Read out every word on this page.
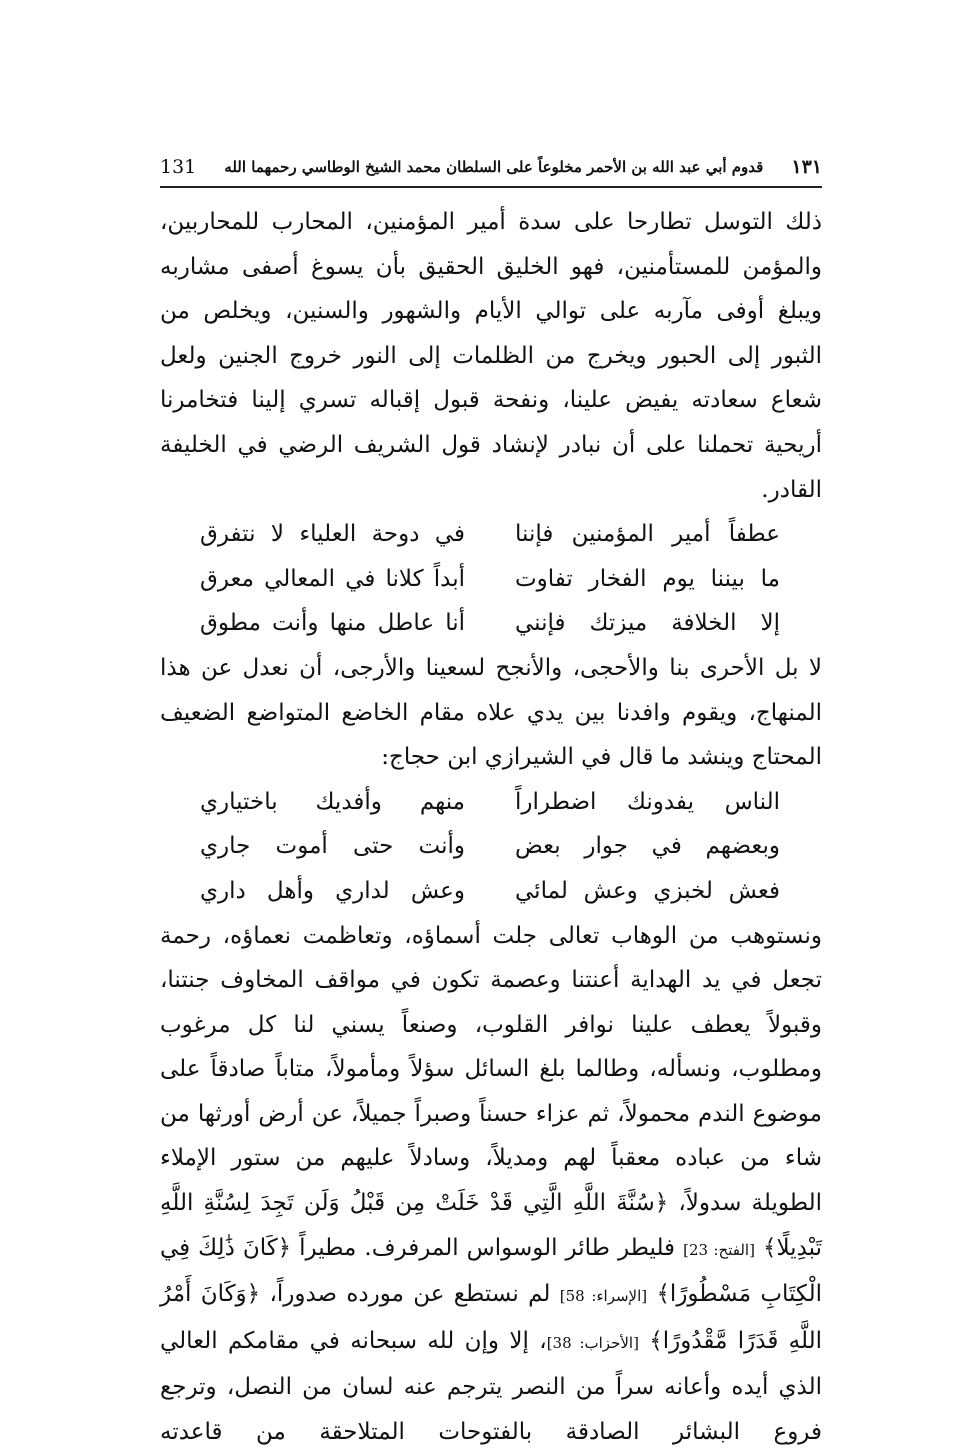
131 قدوم أبي عبد الله بن الأحمر مخلوعاً على السلطان محمد الشيخ الوطاسي رحمهما الله ١٣١

ذلك التوسل تطارحا على سدة أمير المؤمنين، المحارب للمحاربين، والمؤمن للمستأمنين، فهو الخليق الحقيق بأن يسوغ أصفى مشاربه ويبلغ أوفى مآربه على توالي الأيام والشهور والسنين، ويخلص من الثبور إلى الحبور ويخرج من الظلمات إلى النور خروج الجنين ولعل شعاع سعادته يفيض علينا، ونفحة قبول إقباله تسري إلينا فتخامرنا أريحية تحملنا على أن نبادر لإنشاد قول الشريف الرضي في الخليفة القادر.

عطفاً أمير المؤمنين فإننا
في دوحة العلياء لا نتفرق
ما بيننا يوم الفخار تفاوت
أبداً كلانا في المعالي معرق
إلا الخلافة ميزتك فإنني
أنا عاطل منها وأنت مطوق

لا بل الأحرى بنا والأحجى، والأنجح لسعينا والأرجى، أن نعدل عن هذا المنهاج، ويقوم وافدنا بين يدي علاه مقام الخاضع المتواضع الضعيف المحتاج وينشد ما قال في الشيرازي ابن حجاج:

الناس يفدونك اضطراراً
منهم وأفديك باختياري
وبعضهم في جوار بعض
وأنت حتى أموت جاري
فعش لخبزي وعش لمائي
وعش لداري وأهل داري

ونستوهب من الوهاب تعالى جلت أسماؤه، وتعاظمت نعماؤه، رحمة تجعل في يد الهداية أعنتنا وعصمة تكون في مواقف المخاوف جنتنا، وقبولاً يعطف علينا نوافر القلوب، وصنعاً يسني لنا كل مرغوب ومطلوب، ونسأله، وطالما بلغ السائل سؤلاً ومأمولاً، متاباً صادقاً على موضوع الندم محمولاً، ثم عزاء حسناً وصبراً جميلاً، عن أرض أورثها من شاء من عباده معقباً لهم ومديلاً، وسادلاً عليهم من ستور الإملاء الطويلة سدولاً، ﴿سُنَّةَ اللَّهِ الَّتِي قَدْ خَلَتْ مِن قَبْلُ وَلَن تَجِدَ لِسُنَّةِ اللَّهِ تَبْدِيلًا﴾ [الفتح: 23] فليطر طائر الوسواس المرفرف. مطيراً ﴿كَانَ ذَٰلِكَ فِي الْكِتَابِ مَسْطُورًا﴾ [الإسراء: 58] لم نستطع عن مورده صدوراً، ﴿وَكَانَ أَمْرُ اللَّهِ قَدَرًا مَّقْدُورًا﴾ [الأحزاب: 38]، إلا وإن لله سبحانه في مقامكم العالي الذي أيده وأعانه سراً من النصر يترجم عنه لسان من النصل، وترجع فروع البشائر الصادقة بالفتوحات المتلاحقة من قاعدته
